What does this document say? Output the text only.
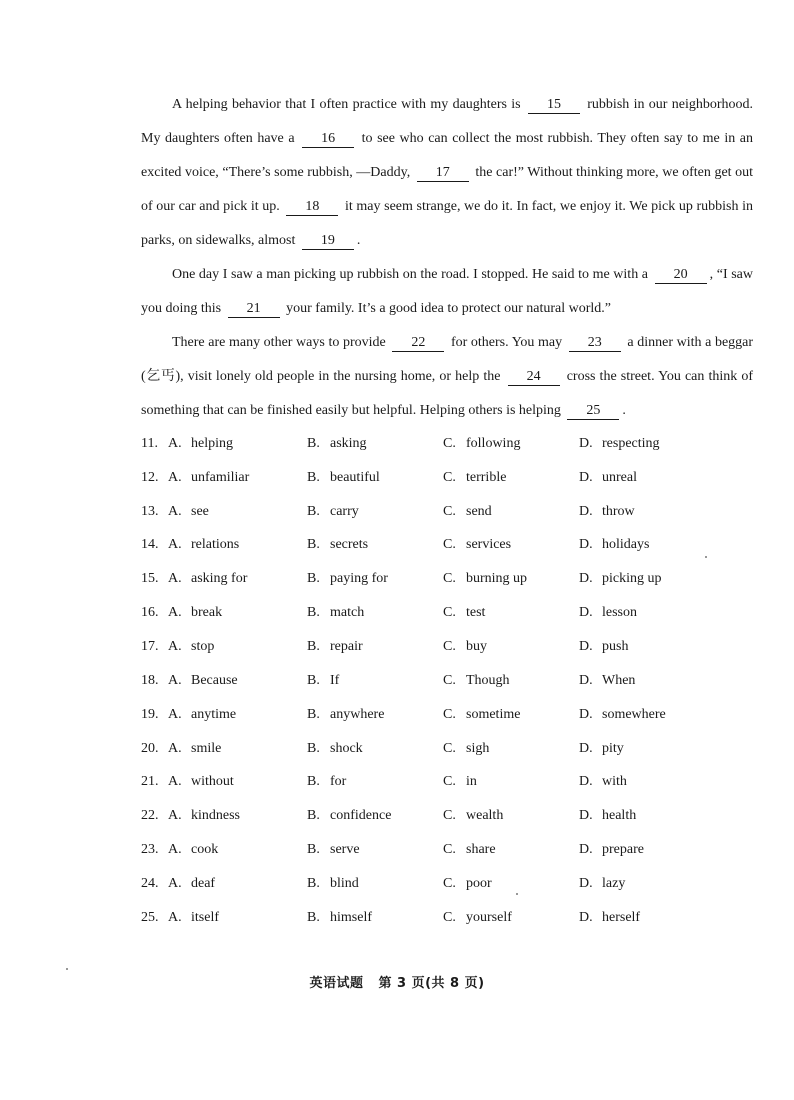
A helping behavior that I often practice with my daughters is 15 rubbish in our neighborhood. My daughters often have a 16 to see who can collect the most rubbish. They often say to me in an excited voice, “There’s some rubbish, —Daddy, 17 the car!” Without thinking more, we often get out of our car and pick it up. 18 it may seem strange, we do it. In fact, we enjoy it. We pick up rubbish in parks, on sidewalks, almost 19 .

One day I saw a man picking up rubbish on the road. I stopped. He said to me with a 20 , “I saw you doing this 21 your family. It’s a good idea to protect our natural world.”

There are many other ways to provide 22 for others. You may 23 a dinner with a beggar (乞丐), visit lonely old people in the nursing home, or help the 24 cross the street. You can think of something that can be finished easily but helpful. Helping others is helping 25 .

11. A. helping	B. asking	C. following	D. respecting
12. A. unfamiliar	B. beautiful	C. terrible	D. unreal
13. A. see	B. carry	C. send	D. throw
14. A. relations	B. secrets	C. services	D. holidays
15. A. asking for	B. paying for	C. burning up	D. picking up
16. A. break	B. match	C. test	D. lesson
17. A. stop	B. repair	C. buy	D. push
18. A. Because	B. If	C. Though	D. When
19. A. anytime	B. anywhere	C. sometime	D. somewhere
20. A. smile	B. shock	C. sigh	D. pity
21. A. without	B. for	C. in	D. with
22. A. kindness	B. confidence	C. wealth	D. health
23. A. cook	B. serve	C. share	D. prepare
24. A. deaf	B. blind	C. poor	D. lazy
25. A. itself	B. himself	C. yourself	D. herself
英语试题 第 3 页(共 8 页)
